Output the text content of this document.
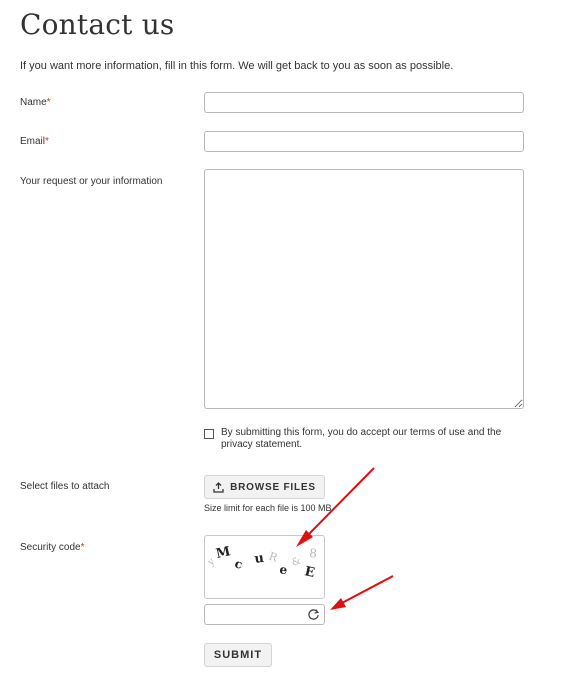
Contact us

If you want more information, fill in this form. We will get back to you as soon as possible.

Name*
Email*
Your request or your information
By submitting this form, you do accept our terms of use and the privacy statement.
Select files to attach	BROWSE FILES
Size limit for each file is 100 MB
Security code*	M
y c u R
e
&
E
8
SUBMIT
